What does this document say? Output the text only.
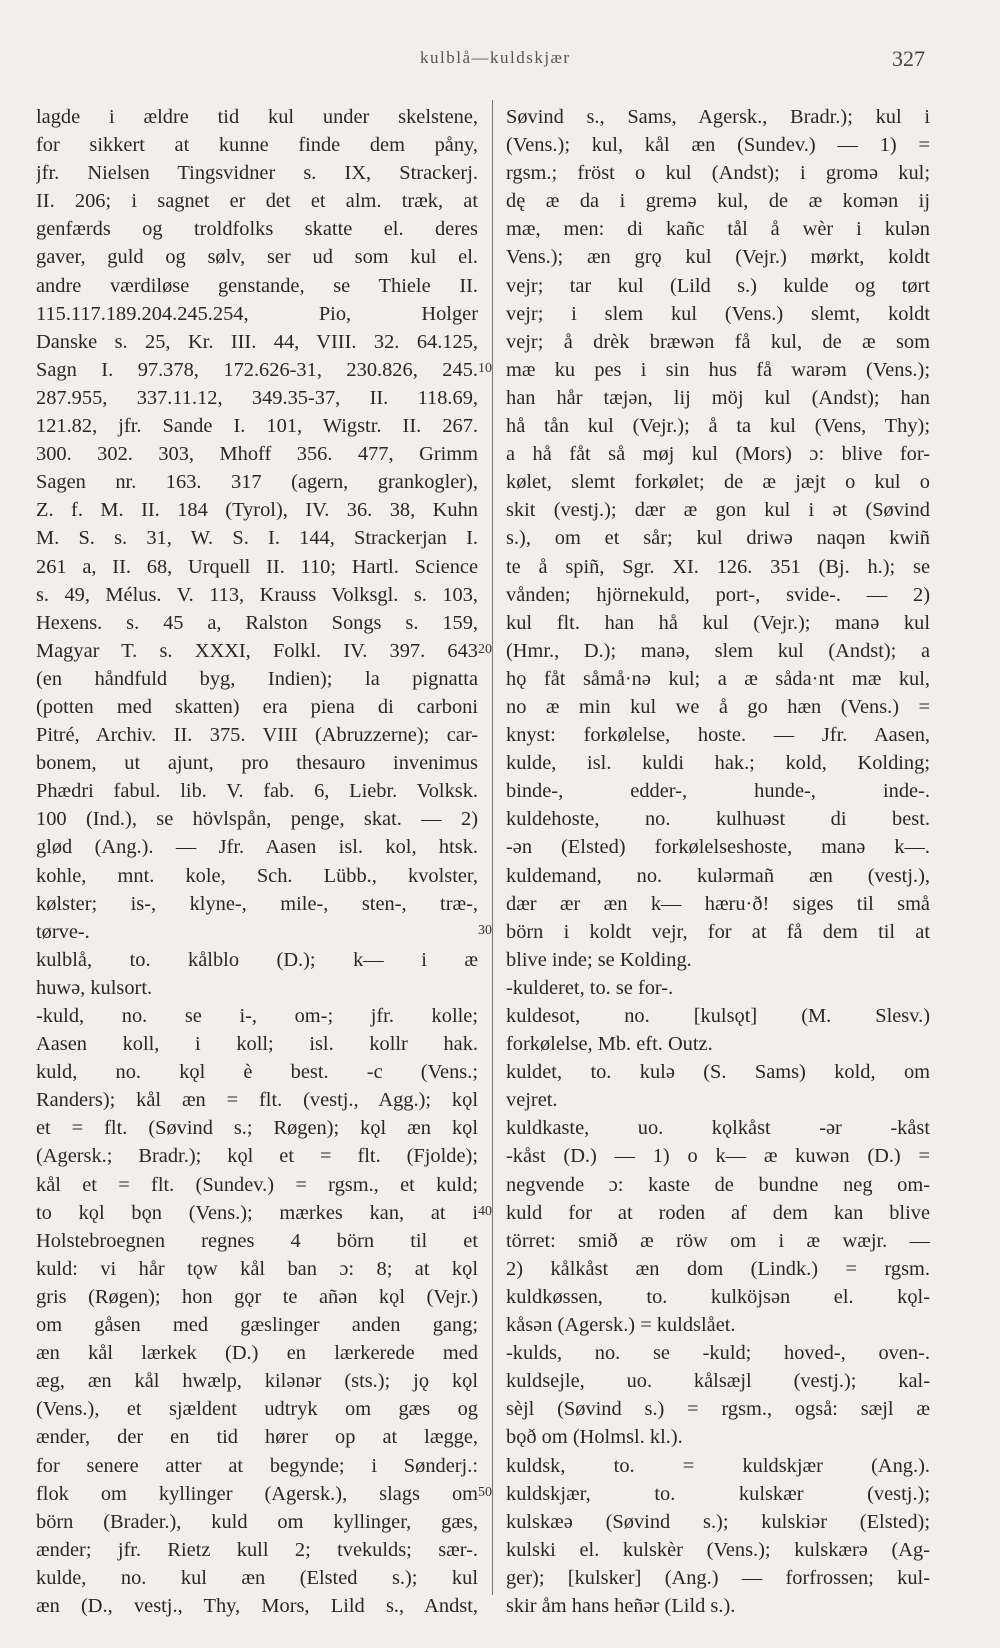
kulblå—kuldskjær	327
lagde i ældre tid kul under skelstene,
for sikkert at kunne finde dem påny,
jfr. Nielsen Tingsvidner s. IX, Strackerj.
II. 206; i sagnet er det et alm. træk, at
genfærds og troldfolks skatte el. deres
gaver, guld og sølv, ser ud som kul el.
andre værdiløse genstande, se Thiele II.
115.117.189.204.245.254, Pio, Holger
Danske s. 25, Kr. III. 44, VIII. 32. 64.125,
Sagn I. 97.378, 172.626-31, 230.826, 245.
287.955, 337.11.12, 349.35-37, II. 118.69,
121.82, jfr. Sande I. 101, Wigstr. II. 267.
300. 302. 303, Mhoff 356. 477, Grimm
Sagen nr. 163. 317 (agern, grankogler),
Z. f. M. II. 184 (Tyrol), IV. 36. 38, Kuhn
M. S. s. 31, W. S. I. 144, Strackerjan I.
261 a, II. 68, Urquell II. 110; Hartl. Science
s. 49, Mélus. V. 113, Krauss Volksgl. s. 103,
Hexens. s. 45 a, Ralston Songs s. 159,
Magyar T. s. XXXI, Folkl. IV. 397. 643
(en håndfuld byg, Indien); la pignatta
(potten med skatten) era piena di carboni
Pitré, Archiv. II. 375. VIII (Abruzzerne); car-
bonem, ut ajunt, pro thesauro invenimus
Phædri fabul. lib. V. fab. 6, Liebr. Volksk.
100 (Ind.), se hövlspån, penge, skat. — 2)
glød (Ang.). — Jfr. Aasen isl. kol, htsk.
kohle, mnt. kole, Sch. Lübb., kvolster,
kølster; is-, klyne-, mile-, sten-, træ-,
tørve-.
kulblå, to. kålblo (D.); k— i æ
huwə, kulsort.
-kuld, no. se i-, om-; jfr. kolle;
Aasen koll, i koll; isl. kollr hak.
kuld, no. kǫl è best. -c (Vens.;
Randers); kål æn = flt. (vestj., Agg.); kǫl
et = flt. (Søvind s.; Røgen); kǫl æn kǫl
(Agersk.; Bradr.); kǫl et = flt. (Fjolde);
kål et = flt. (Sundev.) = rgsm., et kuld;
to kǫl bǫn (Vens.); mærkes kan, at i
Holstebroegnen regnes 4 börn til et
kuld: vi hår tǫw kål ban ɔ: 8; at kǫl
gris (Røgen); hon gǫr te añən kǫl (Vejr.)
om gåsen med gæslinger anden gang;
æn kål lærkek (D.) en lærkerede med
æg, æn kål hwælp, kilənər (sts.); jǫ kǫl
(Vens.), et sjældent udtryk om gæs og
ænder, der en tid hører op at lægge,
for senere atter at begynde; i Sønderj.:
flok om kyllinger (Agersk.), slags om
börn (Brader.), kuld om kyllinger, gæs,
ænder; jfr. Rietz kull 2; tvekulds; sær-.
kulde, no. kul æn (Elsted s.); kul
æn (D., vestj., Thy, Mors, Lild s., Andst,
Søvind s., Sams, Agersk., Bradr.); kul i
(Vens.); kul, kål æn (Sundev.) — 1) =
rgsm.; fröst o kul (Andst); i gromə kul;
dę æ da i gremə kul, de æ komən ij
mæ, men: di kañc tål å wèr i kulən
Vens.); æn grǫ kul (Vejr.) mørkt, koldt
vejr; tar kul (Lild s.) kulde og tørt
vejr; i slem kul (Vens.) slemt, koldt
vejr; å drèk bræwən få kul, de æ som
mæ ku pes i sin hus få warəm (Vens.);
han hår tæjən, lij möj kul (Andst); han
hå tån kul (Vejr.); å ta kul (Vens, Thy);
a hå fåt så møj kul (Mors) ɔ: blive for-
kølet, slemt forkølet; de æ jæjt o kul o
skit (vestj.); dær æ gon kul i ət (Søvind
s.), om et sår; kul driwə naqən kwiñ
te å spiñ, Sgr. XI. 126. 351 (Bj. h.); se
vånden; hjörnekuld, port-, svide-. — 2)
kul flt. han hå kul (Vejr.); manə kul
(Hmr., D.); manə, slem kul (Andst); a
hǫ fåt såmå·nə kul; a æ såda·nt mæ kul,
no æ min kul we å go hæn (Vens.) =
knyst: forkølelse, hoste. — Jfr. Aasen,
kulde, isl. kuldi hak.; kold, Kolding;
binde-, edder-, hunde-, inde-.
kuldehoste, no. kulhuəst di best.
-ən (Elsted) forkølelseshoste, manə k—.
kuldemand, no. kulərmañ æn (vestj.),
dær ær æn k— hæru·ð! siges til små
börn i koldt vejr, for at få dem til at
blive inde; se Kolding.
-kulderet, to. se for-.
kuldesot, no. [kulsǫt] (M. Slesv.)
forkølelse, Mb. eft. Outz.
kuldet, to. kulə (S. Sams) kold, om
vejret.
kuldkaste, uo. kǫlkåst -ər -kåst
-kåst (D.) — 1) o k— æ kuwən (D.) =
negvende ɔ: kaste de bundne neg om-
kuld for at roden af dem kan blive
törret: smið æ röw om i æ wæjr. —
2) kålkåst æn dom (Lindk.) = rgsm.
kuldkøssen, to. kulköjsən el. kǫl-
kåsən (Agersk.) = kuldslået.
-kulds, no. se -kuld; hoved-, oven-.
kuldsejle, uo. kålsæjl (vestj.); kal-
sèjl (Søvind s.) = rgsm., også: sæjl æ
bǫð om (Holmsl. kl.).
kuldsk, to. = kuldskjær (Ang.).
kuldskjær, to. kulskær (vestj.);
kulskæə (Søvind s.); kulskiər (Elsted);
kulski el. kulskèr (Vens.); kulskærə (Ag-
ger); [kulsker] (Ang.) — forfrossen; kul-
skir åm hans heñər (Lild s.).
10
20
30
40
50
